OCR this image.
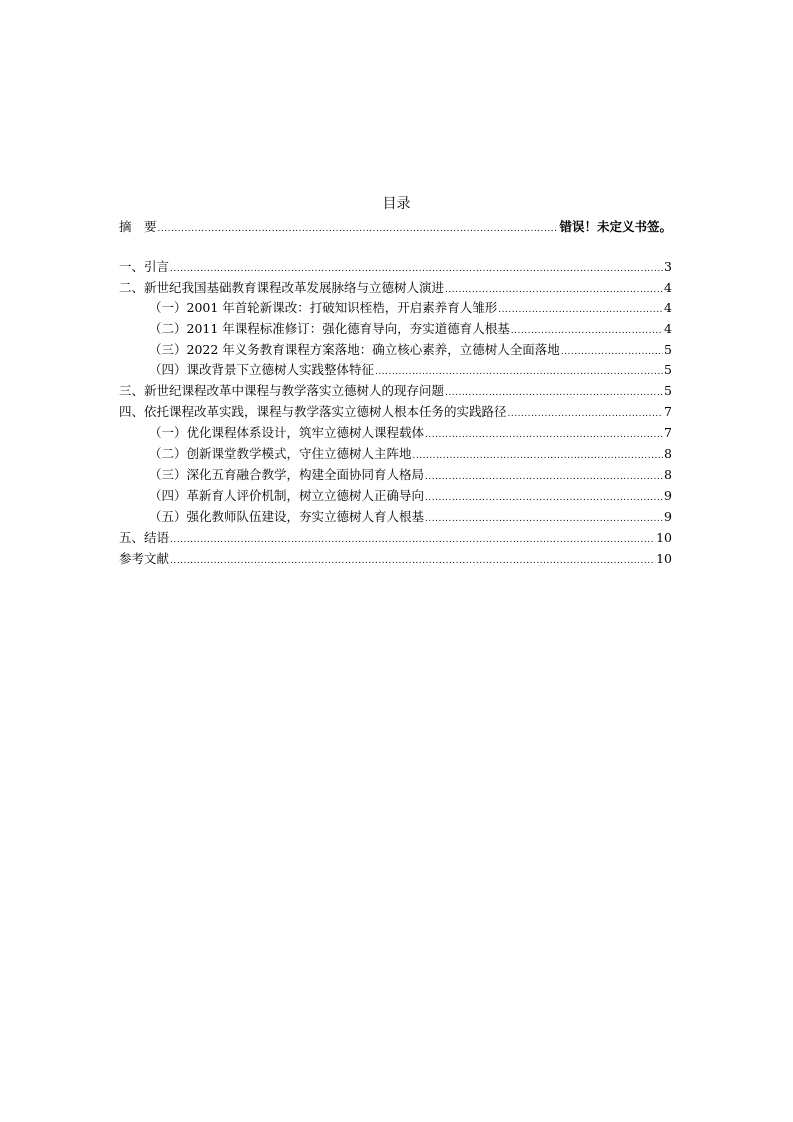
目录
摘　要 .....	错误！未定义书签。
一、引言 .....	3
二、新世纪我国基础教育课程改革发展脉络与立德树人演进 .....	4
（一）2001 年首轮新课改：打破知识桎梏，开启素养育人雏形 .....	4
（二）2011 年课程标准修订：强化德育导向，夯实道德育人根基 .....	4
（三）2022 年义务教育课程方案落地：确立核心素养，立德树人全面落地 .....	5
（四）课改背景下立德树人实践整体特征 .....	5
三、新世纪课程改革中课程与教学落实立德树人的现存问题 .....	5
四、依托课程改革实践，课程与教学落实立德树人根本任务的实践路径 .....	7
（一）优化课程体系设计，筑牢立德树人课程载体 .....	7
（二）创新课堂教学模式，守住立德树人主阵地 .....	8
（三）深化五育融合教学，构建全面协同育人格局 .....	8
（四）革新育人评价机制，树立立德树人正确导向 .....	9
（五）强化教师队伍建设，夯实立德树人育人根基 .....	9
五、结语 .....	10
参考文献 .....	10
